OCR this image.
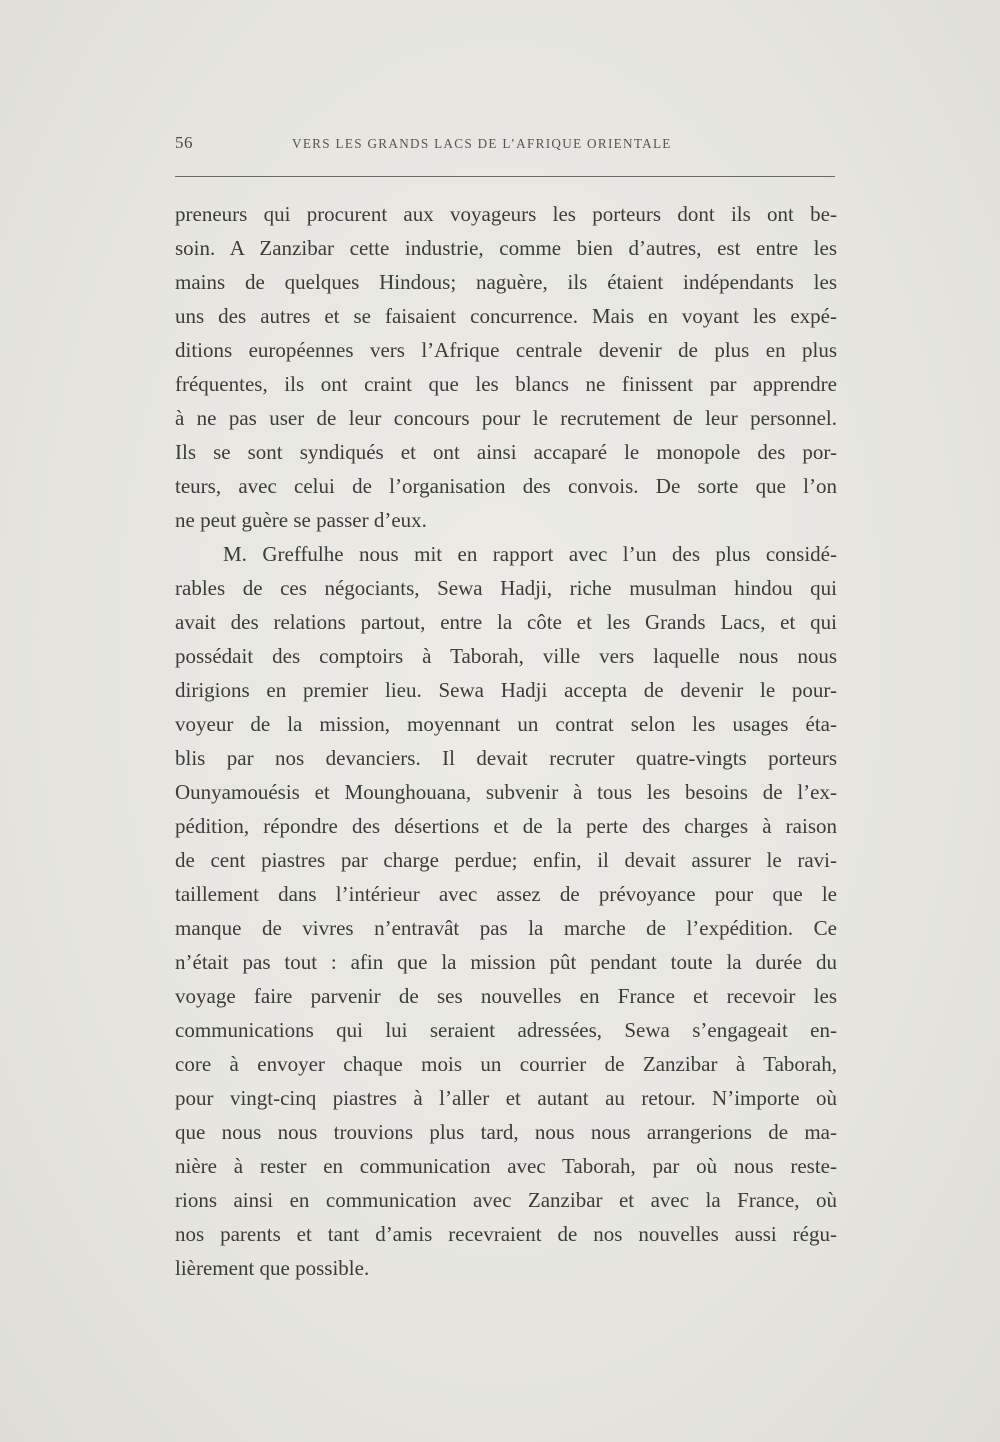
56	VERS LES GRANDS LACS DE L’AFRIQUE ORIENTALE
preneurs qui procurent aux voyageurs les porteurs dont ils ont be-
soin. A Zanzibar cette industrie, comme bien d’autres, est entre les
mains de quelques Hindous; naguère, ils étaient indépendants les
uns des autres et se faisaient concurrence. Mais en voyant les expé-
ditions européennes vers l’Afrique centrale devenir de plus en plus
fréquentes, ils ont craint que les blancs ne finissent par apprendre
à ne pas user de leur concours pour le recrutement de leur personnel.
Ils se sont syndiqués et ont ainsi accaparé le monopole des por-
teurs, avec celui de l’organisation des convois. De sorte que l’on
ne peut guère se passer d’eux.
M. Greffulhe nous mit en rapport avec l’un des plus considé-
rables de ces négociants, Sewa Hadji, riche musulman hindou qui
avait des relations partout, entre la côte et les Grands Lacs, et qui
possédait des comptoirs à Taborah, ville vers laquelle nous nous
dirigions en premier lieu. Sewa Hadji accepta de devenir le pour-
voyeur de la mission, moyennant un contrat selon les usages éta-
blis par nos devanciers. Il devait recruter quatre-vingts porteurs
Ounyamouésis et Mounghouana, subvenir à tous les besoins de l’ex-
pédition, répondre des désertions et de la perte des charges à raison
de cent piastres par charge perdue; enfin, il devait assurer le ravi-
taillement dans l’intérieur avec assez de prévoyance pour que le
manque de vivres n’entravât pas la marche de l’expédition. Ce
n’était pas tout : afin que la mission pût pendant toute la durée du
voyage faire parvenir de ses nouvelles en France et recevoir les
communications qui lui seraient adressées, Sewa s’engageait en-
core à envoyer chaque mois un courrier de Zanzibar à Taborah,
pour vingt-cinq piastres à l’aller et autant au retour. N’importe où
que nous nous trouvions plus tard, nous nous arrangerions de ma-
nière à rester en communication avec Taborah, par où nous reste-
rions ainsi en communication avec Zanzibar et avec la France, où
nos parents et tant d’amis recevraient de nos nouvelles aussi régu-
lièrement que possible.
